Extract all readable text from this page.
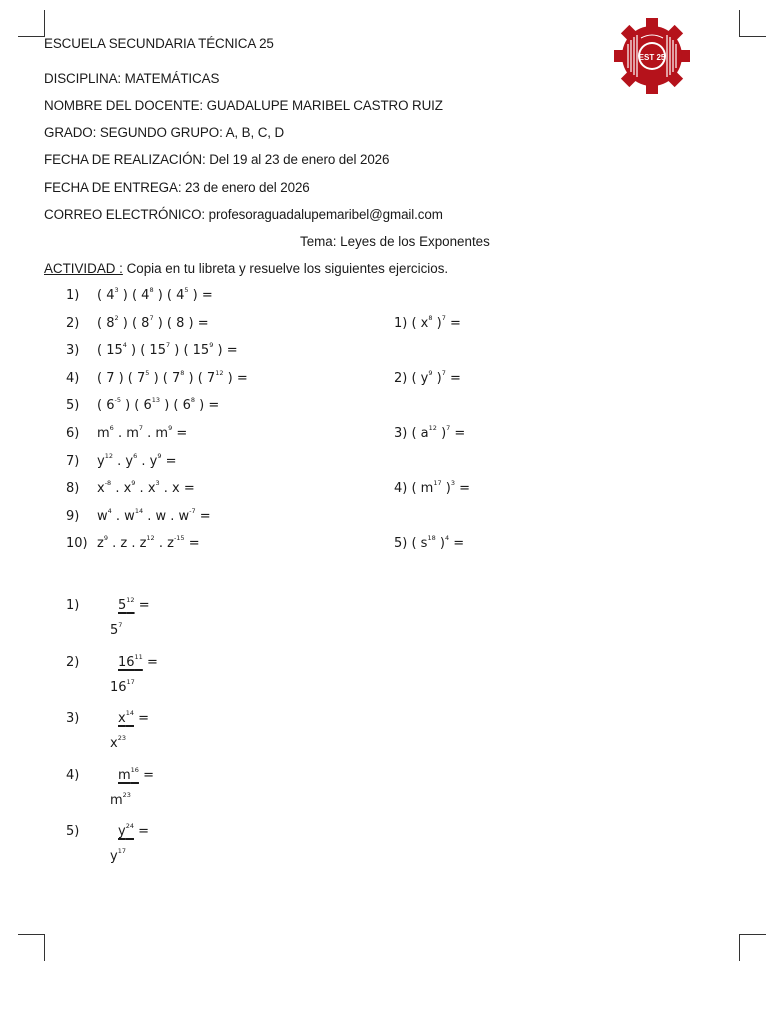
EST 25
ESCUELA SECUNDARIA TÉCNICA 25
DISCIPLINA: MATEMÁTICAS
NOMBRE DEL DOCENTE: GUADALUPE MARIBEL CASTRO RUIZ
GRADO: SEGUNDO GRUPO: A, B, C, D
FECHA DE REALIZACIÓN: Del 19 al 23 de enero del 2026
FECHA DE ENTREGA: 23 de enero del 2026
CORREO ELECTRÓNICO: profesoraguadalupemaribel@gmail.com
Tema: Leyes de los Exponentes
ACTIVIDAD : Copia en tu libreta y resuelve los siguientes ejercicios.
1) ( $4^3$ ) ( $4^8$ ) ( $4^5$ ) =
2) ( $8^2$ ) ( $8^7$ ) ( 8 ) =
3) ( $15^4$ ) ( $15^7$ ) ( $15^9$ ) =
4) ( 7 ) ( $7^5$ ) ( $7^8$ ) ( $7^{12}$ ) =
5) ( $6^{-5}$ ) ( $6^{13}$ ) ( $6^8$ ) =
6) $m^6$ . $m^7$ . $m^9$ =
7) $y^{12}$ . $y^6$ . $y^9$ =
8) $x^{-8}$ . $x^9$ . $x^3$ . x =
9) $w^4$ . $w^{14}$ . w . $w^{-7}$ =
10) $z^9$ . z . $z^{12}$ . $z^{-15}$ =
1) ( $x^8$ )$^7$ =
2) ( $y^9$ )$^7$ =
3) ( $a^{12}$ )$^7$ =
4) ( $m^{17}$ )$^3$ =
5) ( $s^{18}$ )$^4$ =
1)	$5^{12}$ =
$5^7$
2)	$16^{11}$ =
$16^{17}$
3)	$x^{14}$ =
$x^{23}$
4)	$m^{16}$ =
$m^{23}$
5)	$y^{24}$ =
$y^{17}$
